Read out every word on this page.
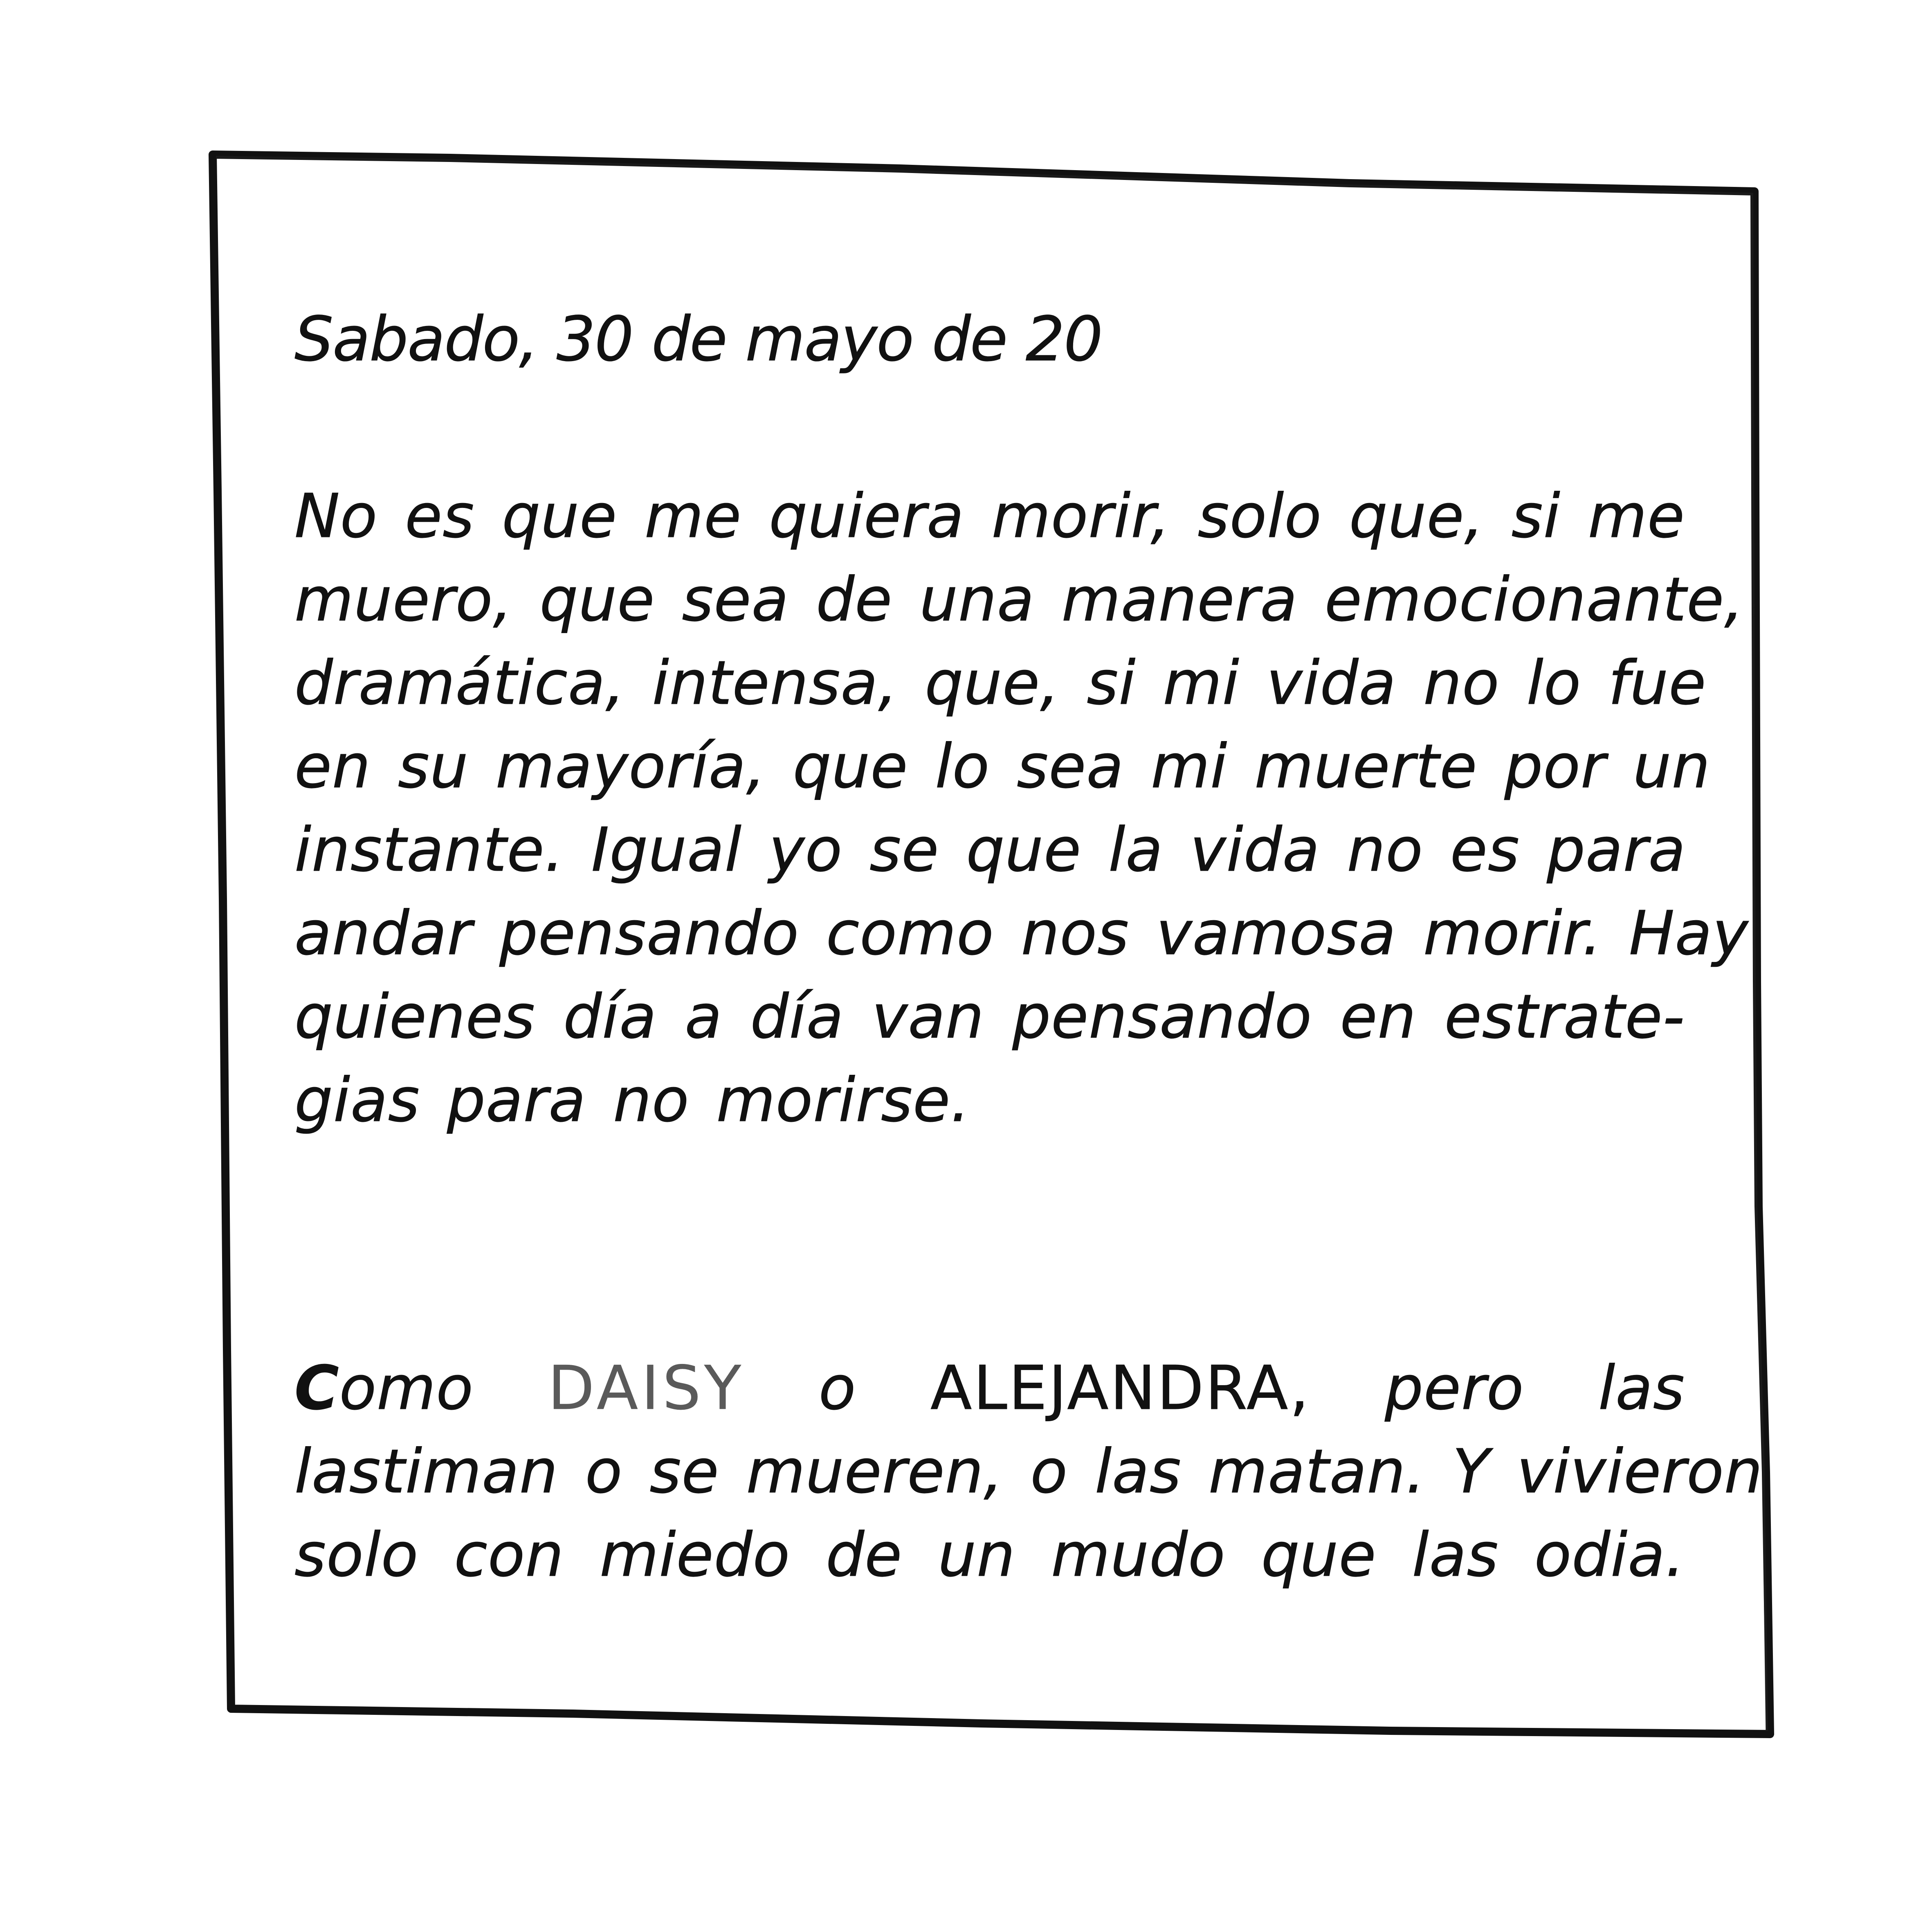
Sabado, 30 de mayo de 20

No es que me quiera morir, solo que, si me

muero, que sea de una manera emocionante,

dramática, intensa, que, si mi vida no lo fue

en su mayoría, que lo sea mi muerte por un

instante. Igual yo se que la vida no es para

andar pensando como nos vamosa morir. Hay

quienes día a día van pensando en estrate-

gias para no morirse.

Como DAISY o ALEJANDRA, pero las

lastiman o se mueren, o las matan. Y vivieron

solo con miedo de un mudo que las odia.
